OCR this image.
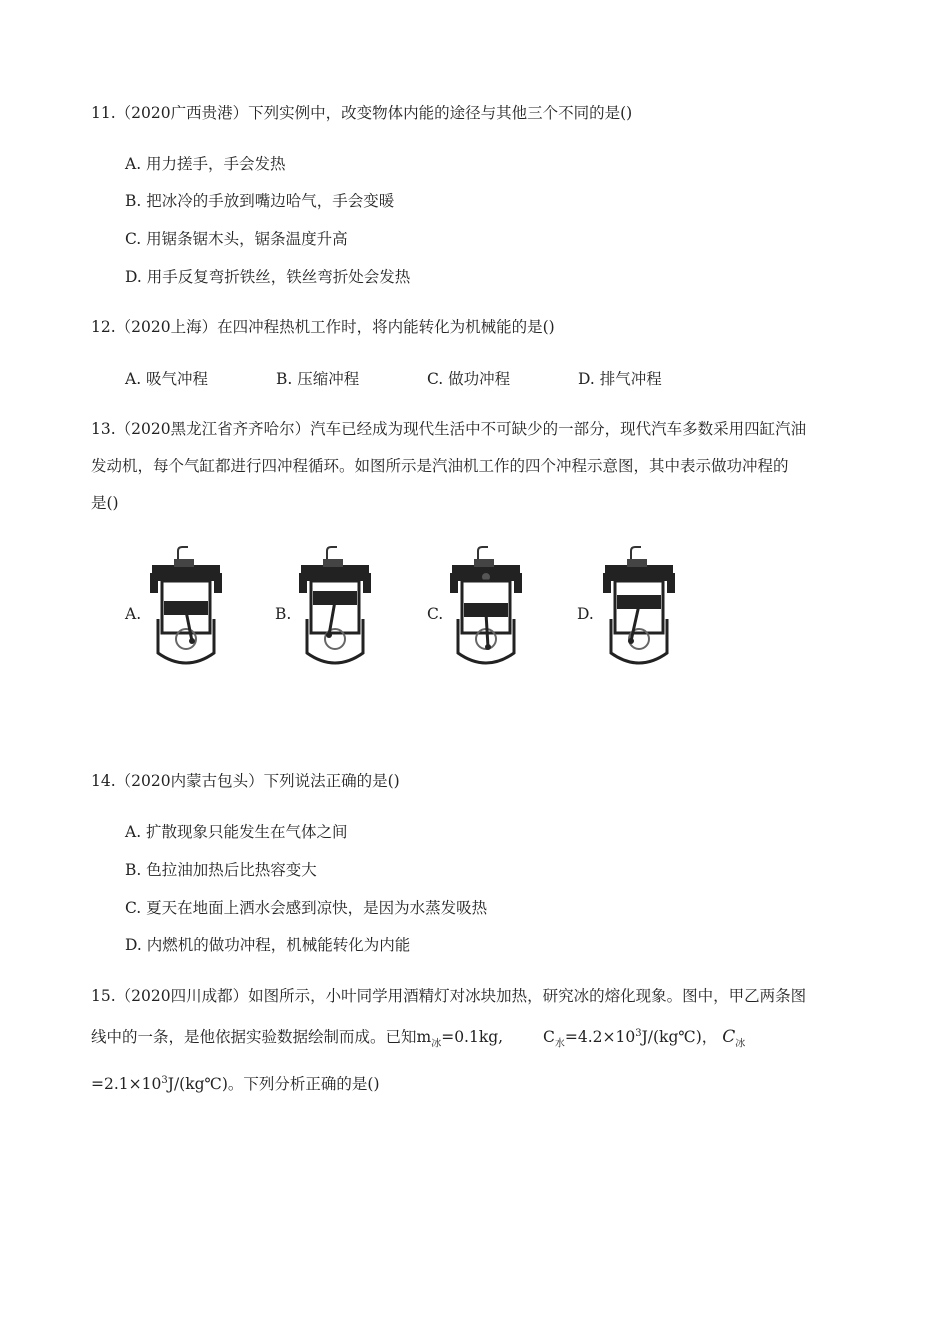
11.（2020广西贵港）下列实例中，改变物体内能的途径与其他三个不同的是()
A. 用力搓手，手会发热
B. 把冰冷的手放到嘴边哈气，手会变暖
C. 用锯条锯木头，锯条温度升高
D. 用手反复弯折铁丝，铁丝弯折处会发热
12.（2020上海）在四冲程热机工作时，将内能转化为机械能的是()
A. 吸气冲程	B. 压缩冲程	C. 做功冲程	D. 排气冲程
13.（2020黑龙江省齐齐哈尔）汽车已经成为现代生活中不可缺少的一部分，现代汽车多数采用四缸汽油
发动机，每个气缸都进行四冲程循环。如图所示是汽油机工作的四个冲程示意图，其中表示做功冲程的
是()
A.	B.	C.	D.
14.（2020内蒙古包头）下列说法正确的是()
A. 扩散现象只能发生在气体之间
B. 色拉油加热后比热容变大
C. 夏天在地面上洒水会感到凉快，是因为水蒸发吸热
D. 内燃机的做功冲程，机械能转化为内能
15.（2020四川成都）如图所示，小叶同学用酒精灯对冰块加热，研究冰的熔化现象。图中，甲乙两条图
线中的一条，是他依据实验数据绘制而成。已知$m_冰=0.1kg$,	$C_水=4.2\times 10^3J/(kg℃)$， $C_冰$
$=2.1\times 10^3J/(kg℃)$。下列分析正确的是()
